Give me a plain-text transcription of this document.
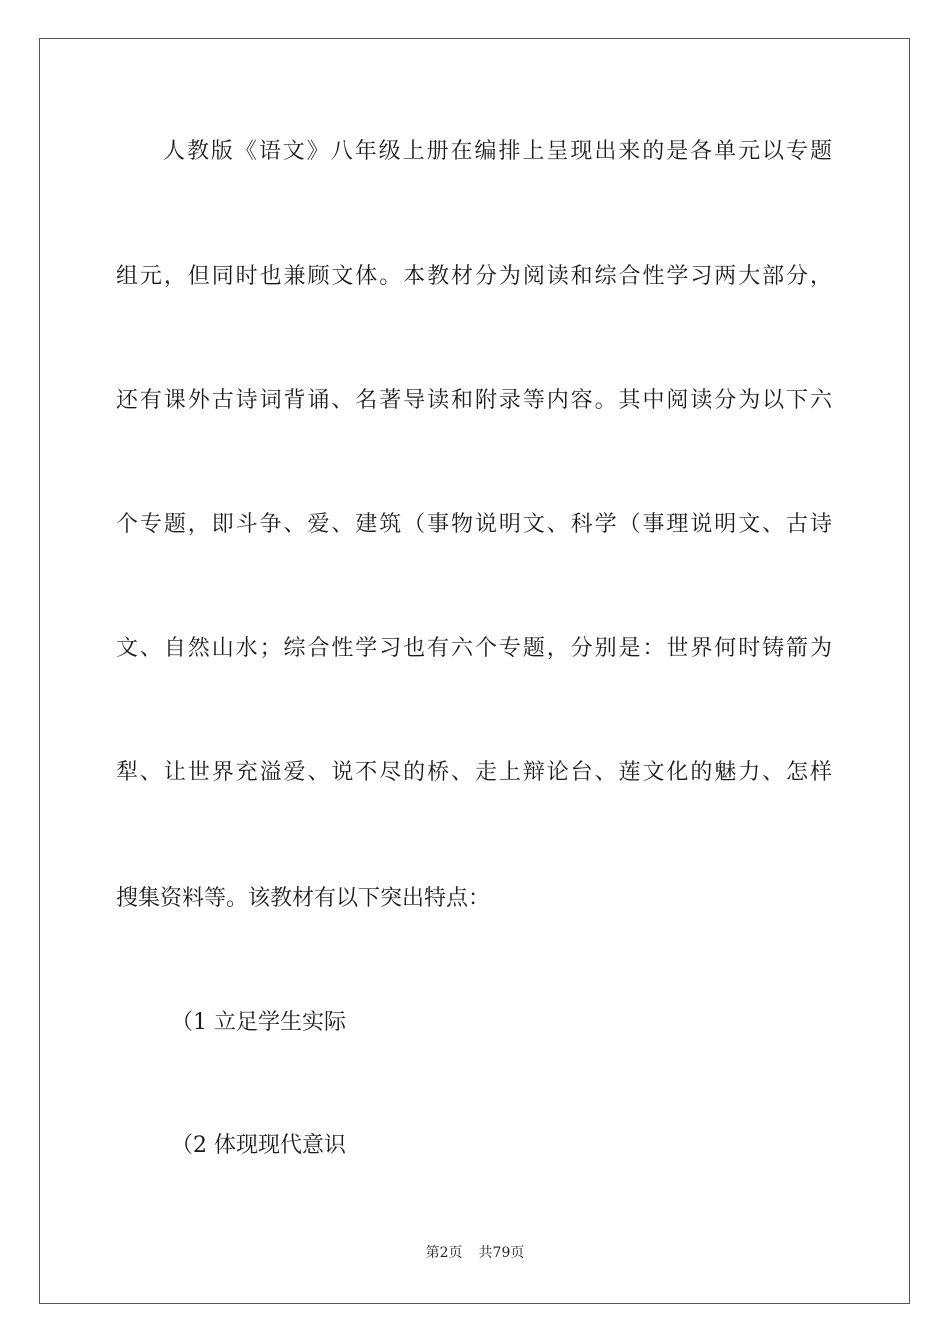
人教版《语文》八年级上册在编排上呈现出来的是各单元以专题
组元，但同时也兼顾文体。本教材分为阅读和综合性学习两大部分，
还有课外古诗词背诵、名著导读和附录等内容。其中阅读分为以下六
个专题，即斗争、爱、建筑（事物说明文、科学（事理说明文、古诗
文、自然山水；综合性学习也有六个专题，分别是：世界何时铸箭为
犁、让世界充溢爱、说不尽的桥、走上辩论台、莲文化的魅力、怎样
搜集资料等。该教材有以下突出特点：
（1 立足学生实际
（2 体现现代意识
第2页 共79页
